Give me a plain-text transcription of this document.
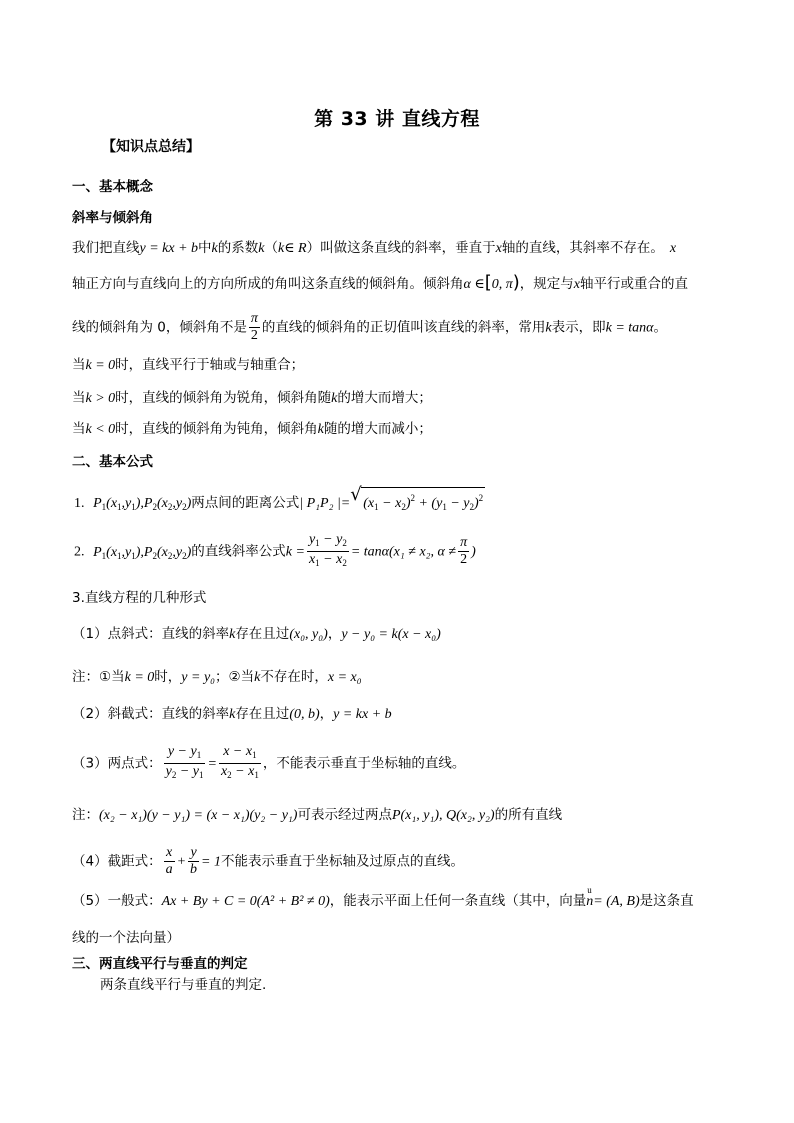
第 33 讲 直线方程
【知识点总结】
一、基本概念
斜率与倾斜角
我们把直线y = kx + b中k的系数k（k∈ R）叫做这条直线的斜率，垂直于x轴的直线，其斜率不存在。 x
轴正方向与直线向上的方向所成的角叫这条直线的倾斜角。倾斜角α ∈[0, π)，规定与x轴平行或重合的直
线的倾斜角为 0，倾斜角不是 $\frac{\pi}{2}$ 的直线的倾斜角的正切值叫该直线的斜率，常用k表示，即k = tanα。
当k = 0时，直线平行于轴或与轴重合；
当k > 0时，直线的倾斜角为锐角，倾斜角随k的增大而增大；
当k < 0时，直线的倾斜角为钝角，倾斜角k随的增大而减小；
二、基本公式
1. $P_1(x_1,y_1),P_2(x_2,y_2)$两点间的距离公式| P₁P₂ |= √ $(x_1 - x_2)^2 + (y_1 - y_2)^2$
2. $P_1(x_1,y_1),P_2(x_2,y_2)$的直线斜率公式$k = \frac{y_1 - y_2}{x_1 - x_2} = \tan\alpha(x_1 \ne x_2$, $\alpha \ne \frac{\pi}{2}$ )
3.直线方程的几种形式
（1）点斜式：直线的斜率k存在且过(x₀, y₀)，y − y₀ = k(x − x₀)
注：①当k = 0时，y = y₀；②当k不存在时，x = x₀
（2）斜截式：直线的斜率k存在且过(0, b)，y = kx + b
（3）两点式： $\frac{y - y_1}{y_2 - y_1} = \frac{x - x_1}{x_2 - x_1}$ ，不能表示垂直于坐标轴的直线。
注：(x₂ − x₁)(y − y₁) = (x − x₁)(y₂ − y₁)可表示经过两点P(x₁, y₁), Q(x₂, y₂)的所有直线
（4）截距式： $\frac{x}{a} + \frac{y}{b} = 1$不能表示垂直于坐标轴及过原点的直线。
（5）一般式：Ax + By + C = 0(A² + B² ≠ 0)，能表示平面上任何一条直线（其中，向量
u
n= (A, B)是这条直
线的一个法向量）
三、两直线平行与垂直的判定
两条直线平行与垂直的判定.
